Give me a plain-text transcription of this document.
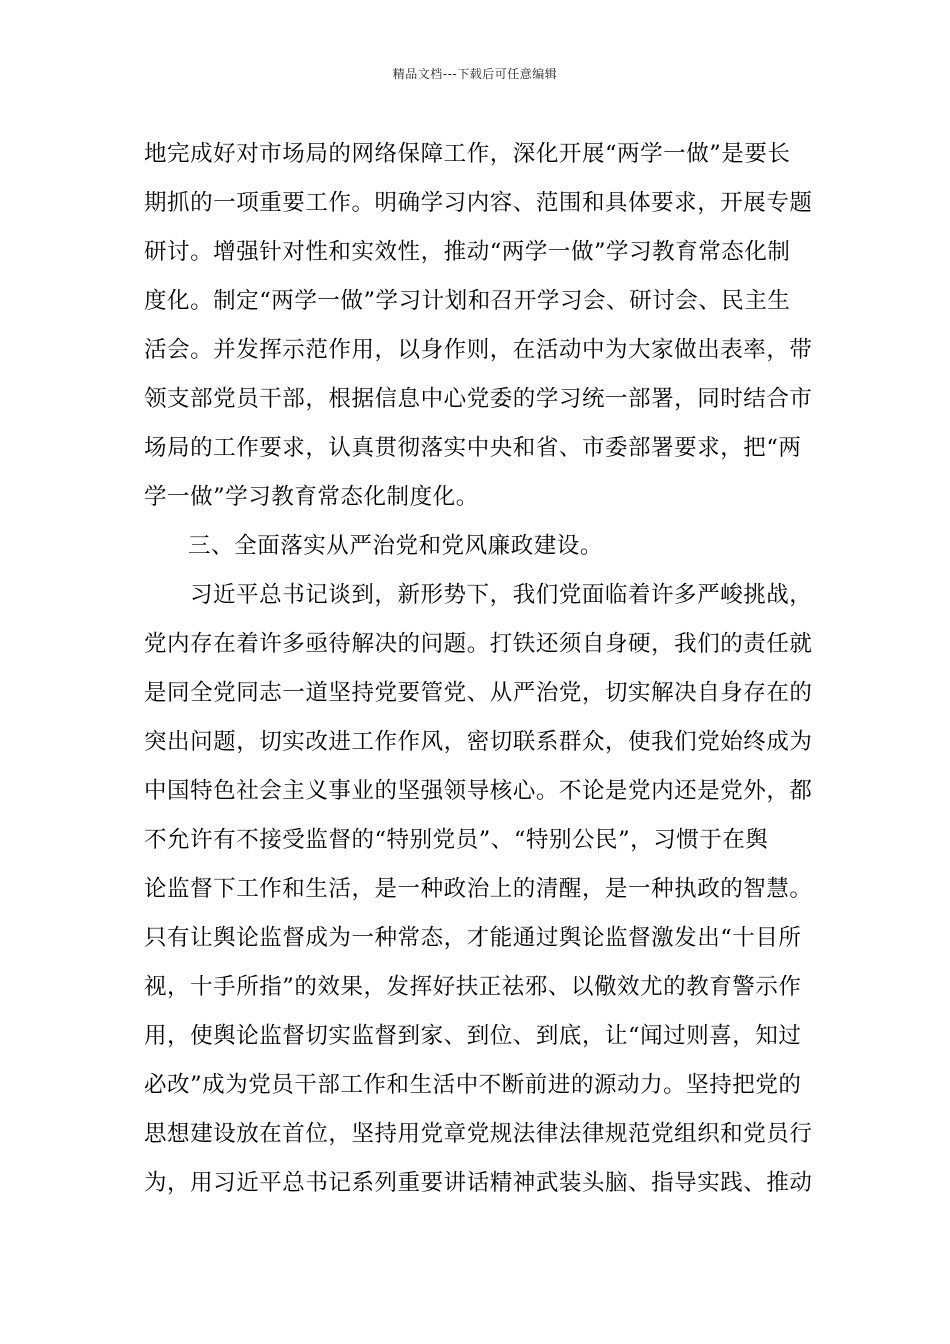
精品文档---下载后可任意编辑
地完成好对市场局的网络保障工作，深化开展“两学一做”是要长
期抓的一项重要工作。明确学习内容、范围和具体要求，开展专题
研讨。增强针对性和实效性，推动“两学一做”学习教育常态化制
度化。制定“两学一做”学习计划和召开学习会、研讨会、民主生
活会。并发挥示范作用，以身作则，在活动中为大家做出表率，带
领支部党员干部，根据信息中心党委的学习统一部署，同时结合市
场局的工作要求，认真贯彻落实中央和省、市委部署要求，把“两
学一做”学习教育常态化制度化。
三、全面落实从严治党和党风廉政建设。
习近平总书记谈到，新形势下，我们党面临着许多严峻挑战，
党内存在着许多亟待解决的问题。打铁还须自身硬，我们的责任就
是同全党同志一道坚持党要管党、从严治党，切实解决自身存在的
突出问题，切实改进工作作风，密切联系群众，使我们党始终成为
中国特色社会主义事业的坚强领导核心。不论是党内还是党外，都
不允许有不接受监督的“特别党员”、“特别公民”，习惯于在舆
论监督下工作和生活，是一种政治上的清醒，是一种执政的智慧。
只有让舆论监督成为一种常态，才能通过舆论监督激发出“十目所
视，十手所指”的效果，发挥好扶正祛邪、以儆效尤的教育警示作
用，使舆论监督切实监督到家、到位、到底，让“闻过则喜，知过
必改”成为党员干部工作和生活中不断前进的源动力。坚持把党的
思想建设放在首位，坚持用党章党规法律法律规范党组织和党员行
为，用习近平总书记系列重要讲话精神武装头脑、指导实践、推动
